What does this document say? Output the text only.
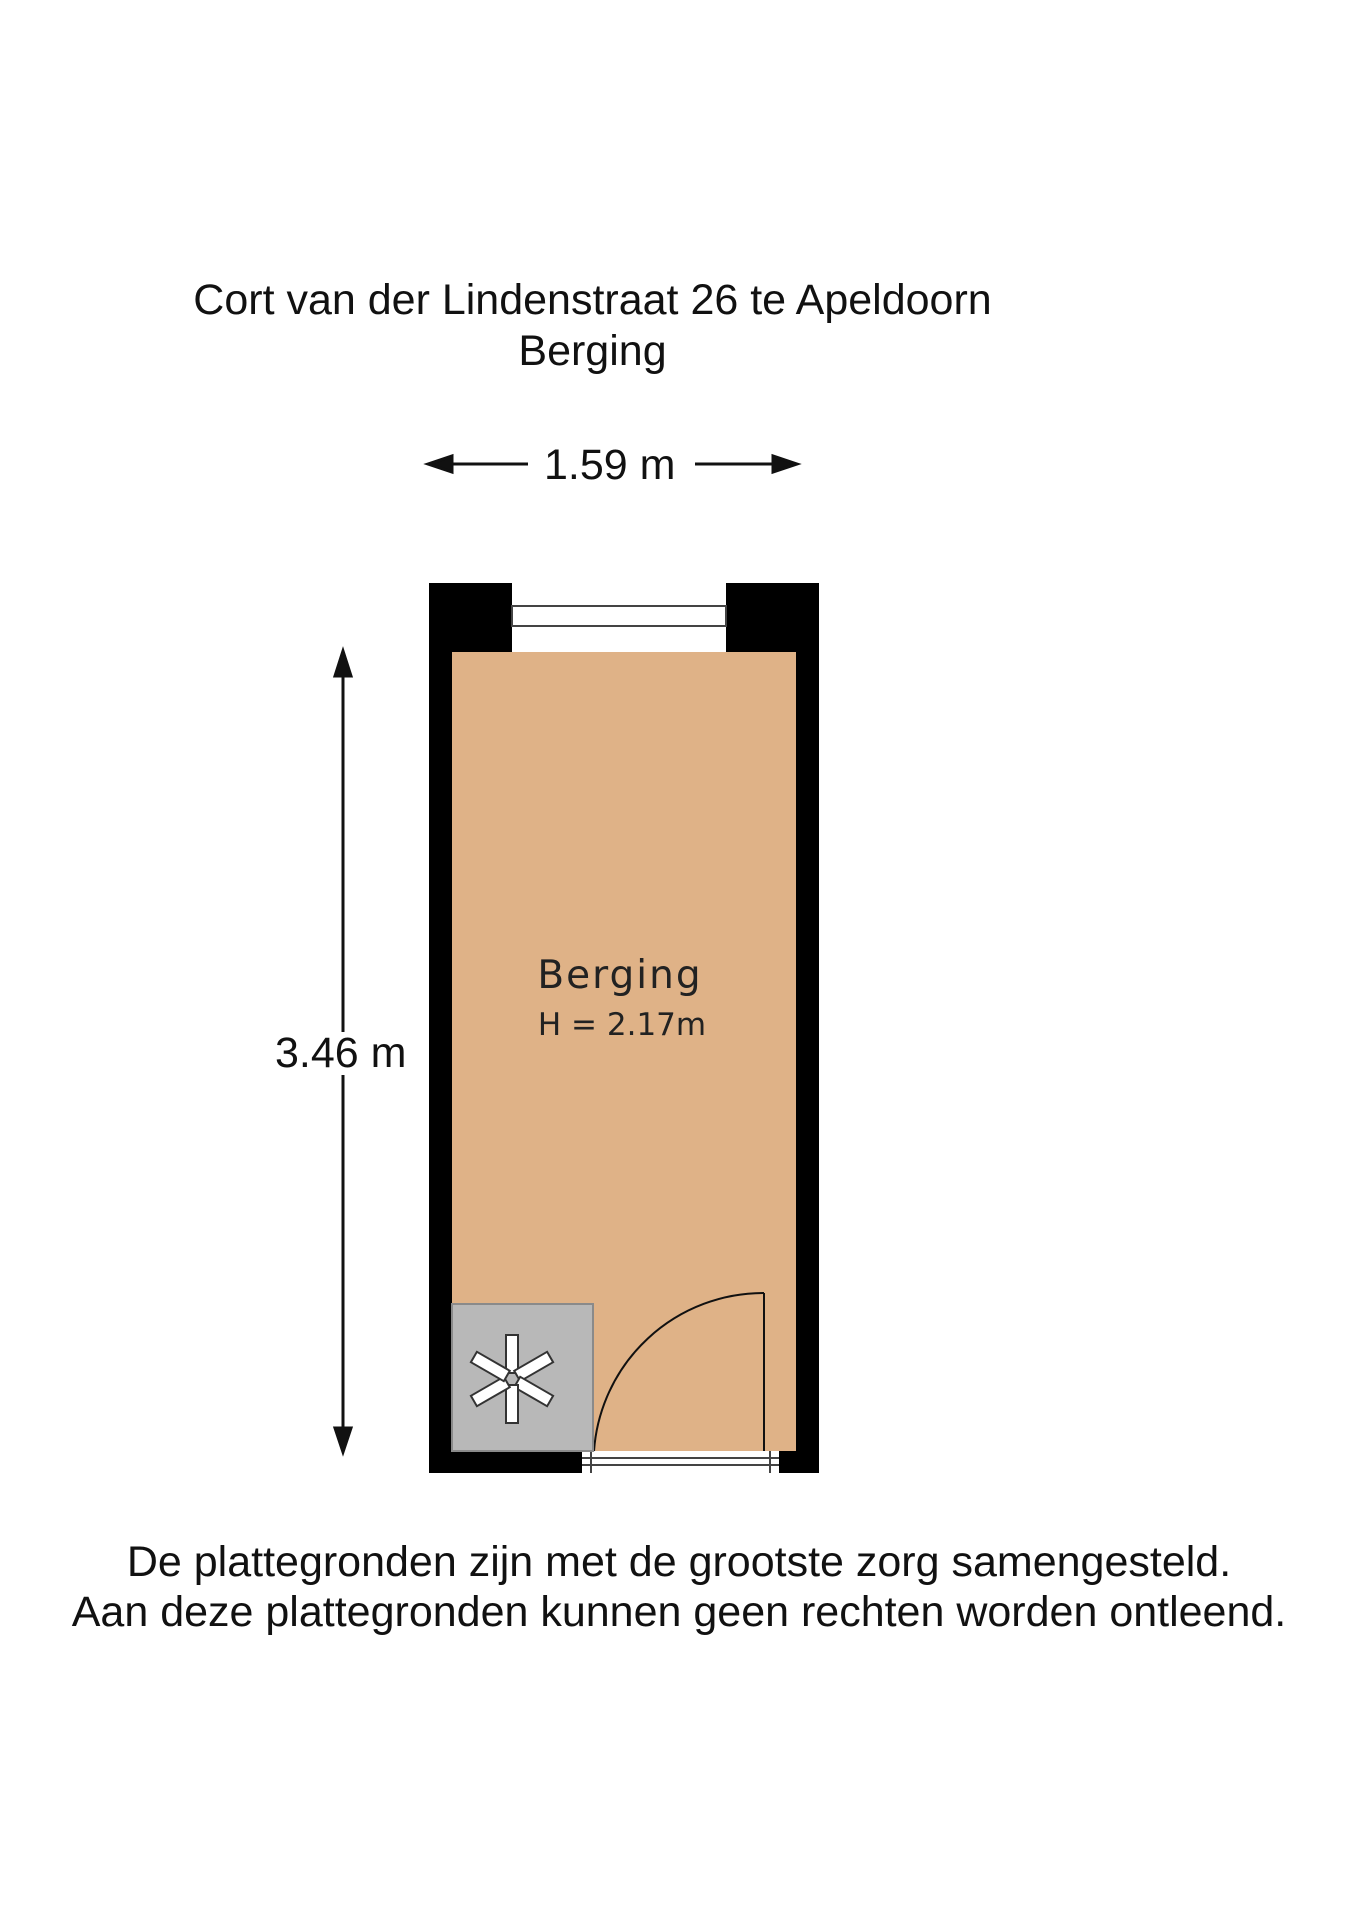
Cort van der Lindenstraat 26 te Apeldoorn
Berging
Berging
H = 2.17m
1.59 m
3.46 m
De plattegronden zijn met de grootste zorg samengesteld.
Aan deze plattegronden kunnen geen rechten worden ontleend.
